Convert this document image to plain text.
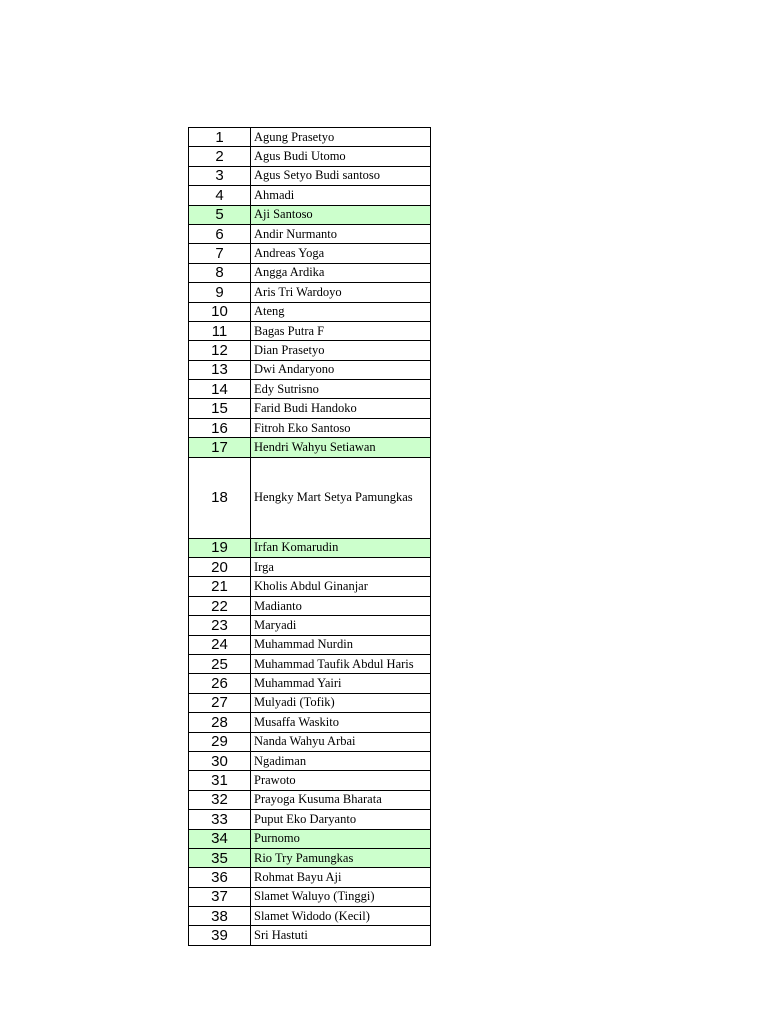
1	Agung Prasetyo
2	Agus Budi Utomo
3	Agus Setyo Budi santoso
4	Ahmadi
5	Aji Santoso
6	Andir Nurmanto
7	Andreas Yoga
8	Angga Ardika
9	Aris Tri Wardoyo
10	Ateng
11	Bagas Putra F
12	Dian Prasetyo
13	Dwi Andaryono
14	Edy Sutrisno
15	Farid Budi Handoko
16	Fitroh Eko Santoso
17	Hendri Wahyu Setiawan
18	Hengky Mart Setya Pamungkas
19	Irfan Komarudin
20	Irga
21	Kholis Abdul Ginanjar
22	Madianto
23	Maryadi
24	Muhammad Nurdin
25	Muhammad Taufik Abdul Haris
26	Muhammad Yairi
27	Mulyadi (Tofik)
28	Musaffa Waskito
29	Nanda Wahyu Arbai
30	Ngadiman
31	Prawoto
32	Prayoga Kusuma Bharata
33	Puput Eko Daryanto
34	Purnomo
35	Rio Try Pamungkas
36	Rohmat Bayu Aji
37	Slamet Waluyo (Tinggi)
38	Slamet Widodo (Kecil)
39	Sri Hastuti
